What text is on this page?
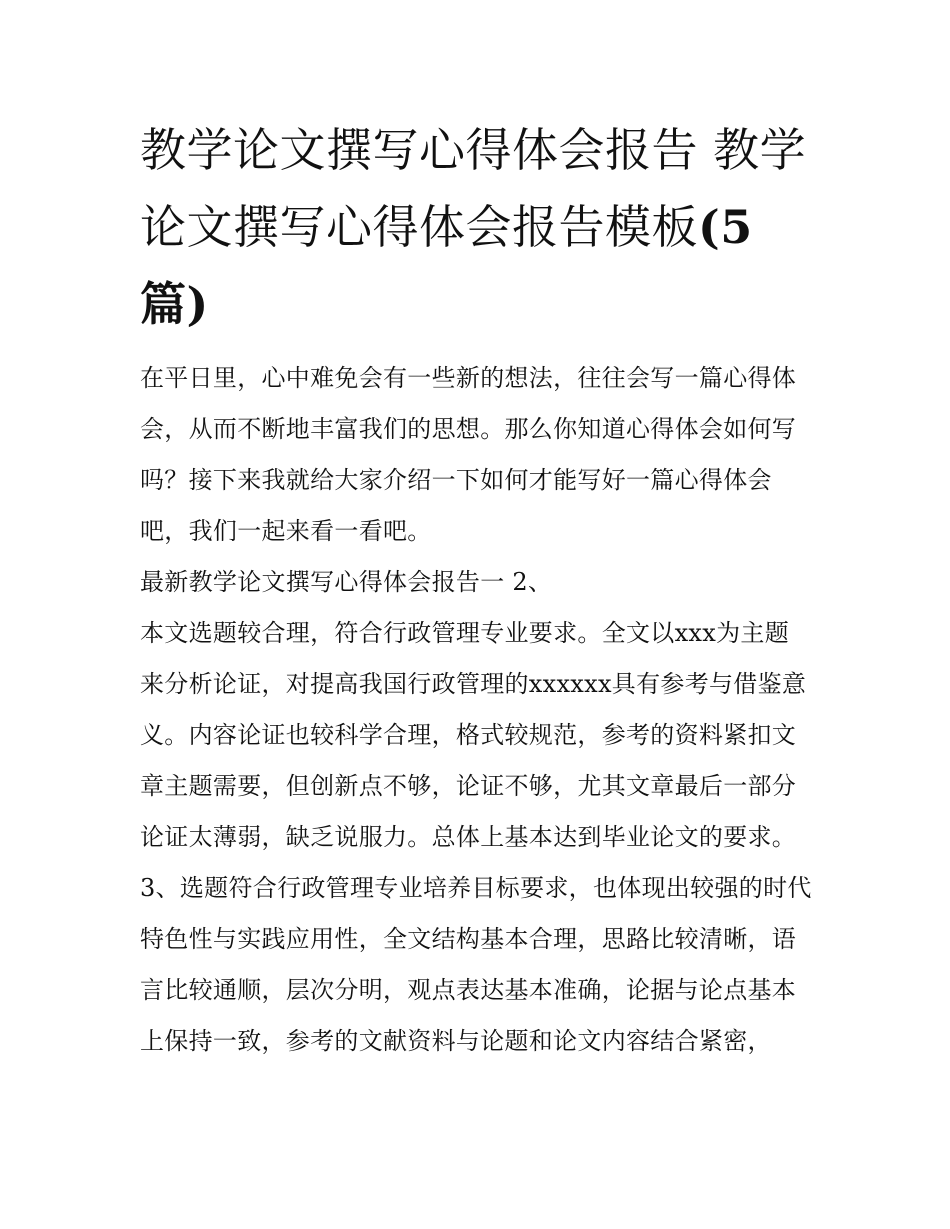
教学论文撰写心得体会报告 教学论文撰写心得体会报告模板(5篇)

在平日里，心中难免会有一些新的想法，往往会写一篇心得体会，从而不断地丰富我们的思想。那么你知道心得体会如何写吗？接下来我就给大家介绍一下如何才能写好一篇心得体会吧，我们一起来看一看吧。

最新教学论文撰写心得体会报告一 2、

本文选题较合理，符合行政管理专业要求。全文以xxx为主题来分析论证，对提高我国行政管理的xxxxxx具有参考与借鉴意义。内容论证也较科学合理，格式较规范，参考的资料紧扣文章主题需要，但创新点不够，论证不够，尤其文章最后一部分论证太薄弱，缺乏说服力。总体上基本达到毕业论文的要求。

3、选题符合行政管理专业培养目标要求，也体现出较强的时代特色性与实践应用性，全文结构基本合理，思路比较清晰，语言比较通顺，层次分明，观点表达基本准确，论据与论点基本上保持一致，参考的文献资料与论题和论文内容结合紧密，
